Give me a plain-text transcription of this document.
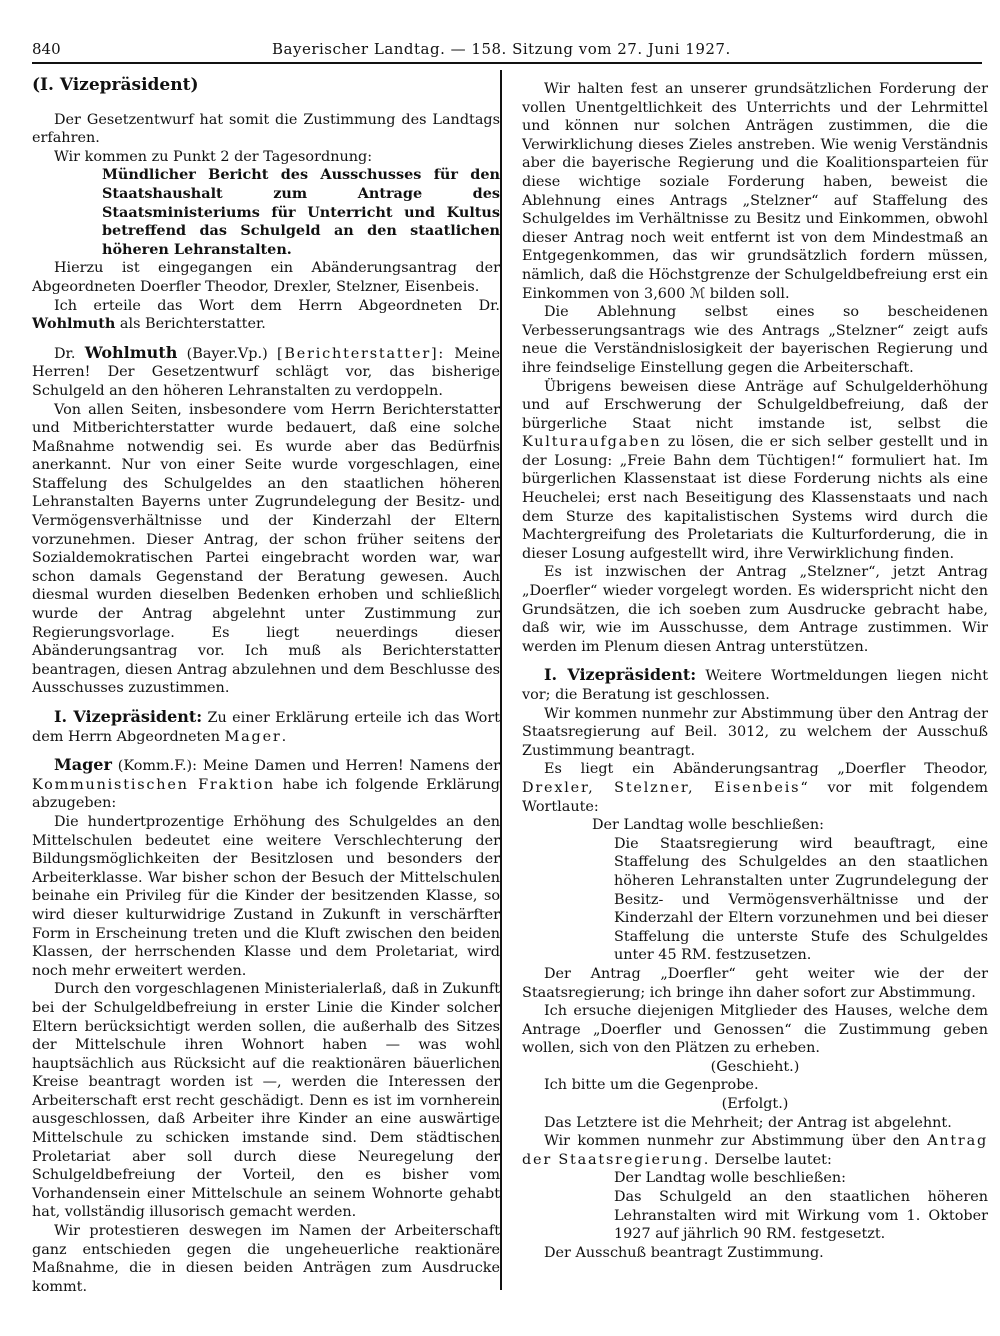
840	Bayerischer Landtag. — 158. Sitzung vom 27. Juni 1927.

(I. Vizepräsident)

Der Gesetzentwurf hat somit die Zustimmung des Landtags erfahren.

Wir kommen zu Punkt 2 der Tagesordnung:

Mündlicher Bericht des Ausschusses für den Staatshaushalt zum Antrage des Staatsministeriums für Unterricht und Kultus betreffend das Schulgeld an den staatlichen höheren Lehranstalten.

Hierzu ist eingegangen ein Abänderungsantrag der Abgeordneten Doerfler Theodor, Drexler, Stelzner, Eisenbeis.

Ich erteile das Wort dem Herrn Abgeordneten Dr. Wohlmuth als Berichterstatter.

Dr. Wohlmuth (Bayer.Vp.) [Berichterstatter]: Meine Herren! Der Gesetzentwurf schlägt vor, das bisherige Schulgeld an den höheren Lehranstalten zu verdoppeln.

Von allen Seiten, insbesondere vom Herrn Berichterstatter und Mitberichterstatter wurde bedauert, daß eine solche Maßnahme notwendig sei. Es wurde aber das Bedürfnis anerkannt. Nur von einer Seite wurde vorgeschlagen, eine Staffelung des Schulgeldes an den staatlichen höheren Lehranstalten Bayerns unter Zugrundelegung der Besitz- und Vermögensverhältnisse und der Kinderzahl der Eltern vorzunehmen. Dieser Antrag, der schon früher seitens der Sozialdemokratischen Partei eingebracht worden war, war schon damals Gegenstand der Beratung gewesen. Auch diesmal wurden dieselben Bedenken erhoben und schließlich wurde der Antrag abgelehnt unter Zustimmung zur Regierungsvorlage. Es liegt neuerdings dieser Abänderungsantrag vor. Ich muß als Berichterstatter beantragen, diesen Antrag abzulehnen und dem Beschlusse des Ausschusses zuzustimmen.

I. Vizepräsident: Zu einer Erklärung erteile ich das Wort dem Herrn Abgeordneten Mager.

Mager (Komm.F.): Meine Damen und Herren! Namens der Kommunistischen Fraktion habe ich folgende Erklärung abzugeben:

Die hundertprozentige Erhöhung des Schulgeldes an den Mittelschulen bedeutet eine weitere Verschlechterung der Bildungsmöglichkeiten der Besitzlosen und besonders der Arbeiterklasse. War bisher schon der Besuch der Mittelschulen beinahe ein Privileg für die Kinder der besitzenden Klasse, so wird dieser kulturwidrige Zustand in Zukunft in verschärfter Form in Erscheinung treten und die Kluft zwischen den beiden Klassen, der herrschenden Klasse und dem Proletariat, wird noch mehr erweitert werden.

Durch den vorgeschlagenen Ministerialerlaß, daß in Zukunft bei der Schulgeldbefreiung in erster Linie die Kinder solcher Eltern berücksichtigt werden sollen, die außerhalb des Sitzes der Mittelschule ihren Wohnort haben — was wohl hauptsächlich aus Rücksicht auf die reaktionären bäuerlichen Kreise beantragt worden ist —, werden die Interessen der Arbeiterschaft erst recht geschädigt. Denn es ist im vornherein ausgeschlossen, daß Arbeiter ihre Kinder an eine auswärtige Mittelschule zu schicken imstande sind. Dem städtischen Proletariat aber soll durch diese Neuregelung der Schulgeldbefreiung der Vorteil, den es bisher vom Vorhandensein einer Mittelschule an seinem Wohnorte gehabt hat, vollständig illusorisch gemacht werden.

Wir protestieren deswegen im Namen der Arbeiterschaft ganz entschieden gegen die ungeheuerliche reaktionäre Maßnahme, die in diesen beiden Anträgen zum Ausdrucke kommt.

Wir halten fest an unserer grundsätzlichen Forderung der vollen Unentgeltlichkeit des Unterrichts und der Lehrmittel und können nur solchen Anträgen zustimmen, die die Verwirklichung dieses Zieles anstreben. Wie wenig Verständnis aber die bayerische Regierung und die Koalitionsparteien für diese wichtige soziale Forderung haben, beweist die Ablehnung eines Antrags „Stelzner“ auf Staffelung des Schulgeldes im Verhältnisse zu Besitz und Einkommen, obwohl dieser Antrag noch weit entfernt ist von dem Mindestmaß an Entgegenkommen, das wir grundsätzlich fordern müssen, nämlich, daß die Höchstgrenze der Schulgeldbefreiung erst ein Einkommen von 3,600 ℳ bilden soll.

Die Ablehnung selbst eines so bescheidenen Verbesserungsantrags wie des Antrags „Stelzner“ zeigt aufs neue die Verständnislosigkeit der bayerischen Regierung und ihre feindselige Einstellung gegen die Arbeiterschaft.

Übrigens beweisen diese Anträge auf Schulgelderhöhung und auf Erschwerung der Schulgeldbefreiung, daß der bürgerliche Staat nicht imstande ist, selbst die Kulturaufgaben zu lösen, die er sich selber gestellt und in der Losung: „Freie Bahn dem Tüchtigen!“ formuliert hat. Im bürgerlichen Klassenstaat ist diese Forderung nichts als eine Heuchelei; erst nach Beseitigung des Klassenstaats und nach dem Sturze des kapitalistischen Systems wird durch die Machtergreifung des Proletariats die Kulturforderung, die in dieser Losung aufgestellt wird, ihre Verwirklichung finden.

Es ist inzwischen der Antrag „Stelzner“, jetzt Antrag „Doerfler“ wieder vorgelegt worden. Es widerspricht nicht den Grundsätzen, die ich soeben zum Ausdrucke gebracht habe, daß wir, wie im Ausschusse, dem Antrage zustimmen. Wir werden im Plenum diesen Antrag unterstützen.

I. Vizepräsident: Weitere Wortmeldungen liegen nicht vor; die Beratung ist geschlossen.

Wir kommen nunmehr zur Abstimmung über den Antrag der Staatsregierung auf Beil. 3012, zu welchem der Ausschuß Zustimmung beantragt.

Es liegt ein Abänderungsantrag „Doerfler Theodor, Drexler, Stelzner, Eisenbeis“ vor mit folgendem Wortlaute:

Der Landtag wolle beschließen:

Die Staatsregierung wird beauftragt, eine Staffelung des Schulgeldes an den staatlichen höheren Lehranstalten unter Zugrundelegung der Besitz- und Vermögensverhältnisse und der Kinderzahl der Eltern vorzunehmen und bei dieser Staffelung die unterste Stufe des Schulgeldes unter 45 RM. festzusetzen.

Der Antrag „Doerfler“ geht weiter wie der der Staatsregierung; ich bringe ihn daher sofort zur Abstimmung.

Ich ersuche diejenigen Mitglieder des Hauses, welche dem Antrage „Doerfler und Genossen“ die Zustimmung geben wollen, sich von den Plätzen zu erheben.

(Geschieht.)

Ich bitte um die Gegenprobe.

(Erfolgt.)

Das Letztere ist die Mehrheit; der Antrag ist abgelehnt.

Wir kommen nunmehr zur Abstimmung über den Antrag der Staatsregierung. Derselbe lautet:

Der Landtag wolle beschließen:

Das Schulgeld an den staatlichen höheren Lehranstalten wird mit Wirkung vom 1. Oktober 1927 auf jährlich 90 RM. festgesetzt.

Der Ausschuß beantragt Zustimmung.
